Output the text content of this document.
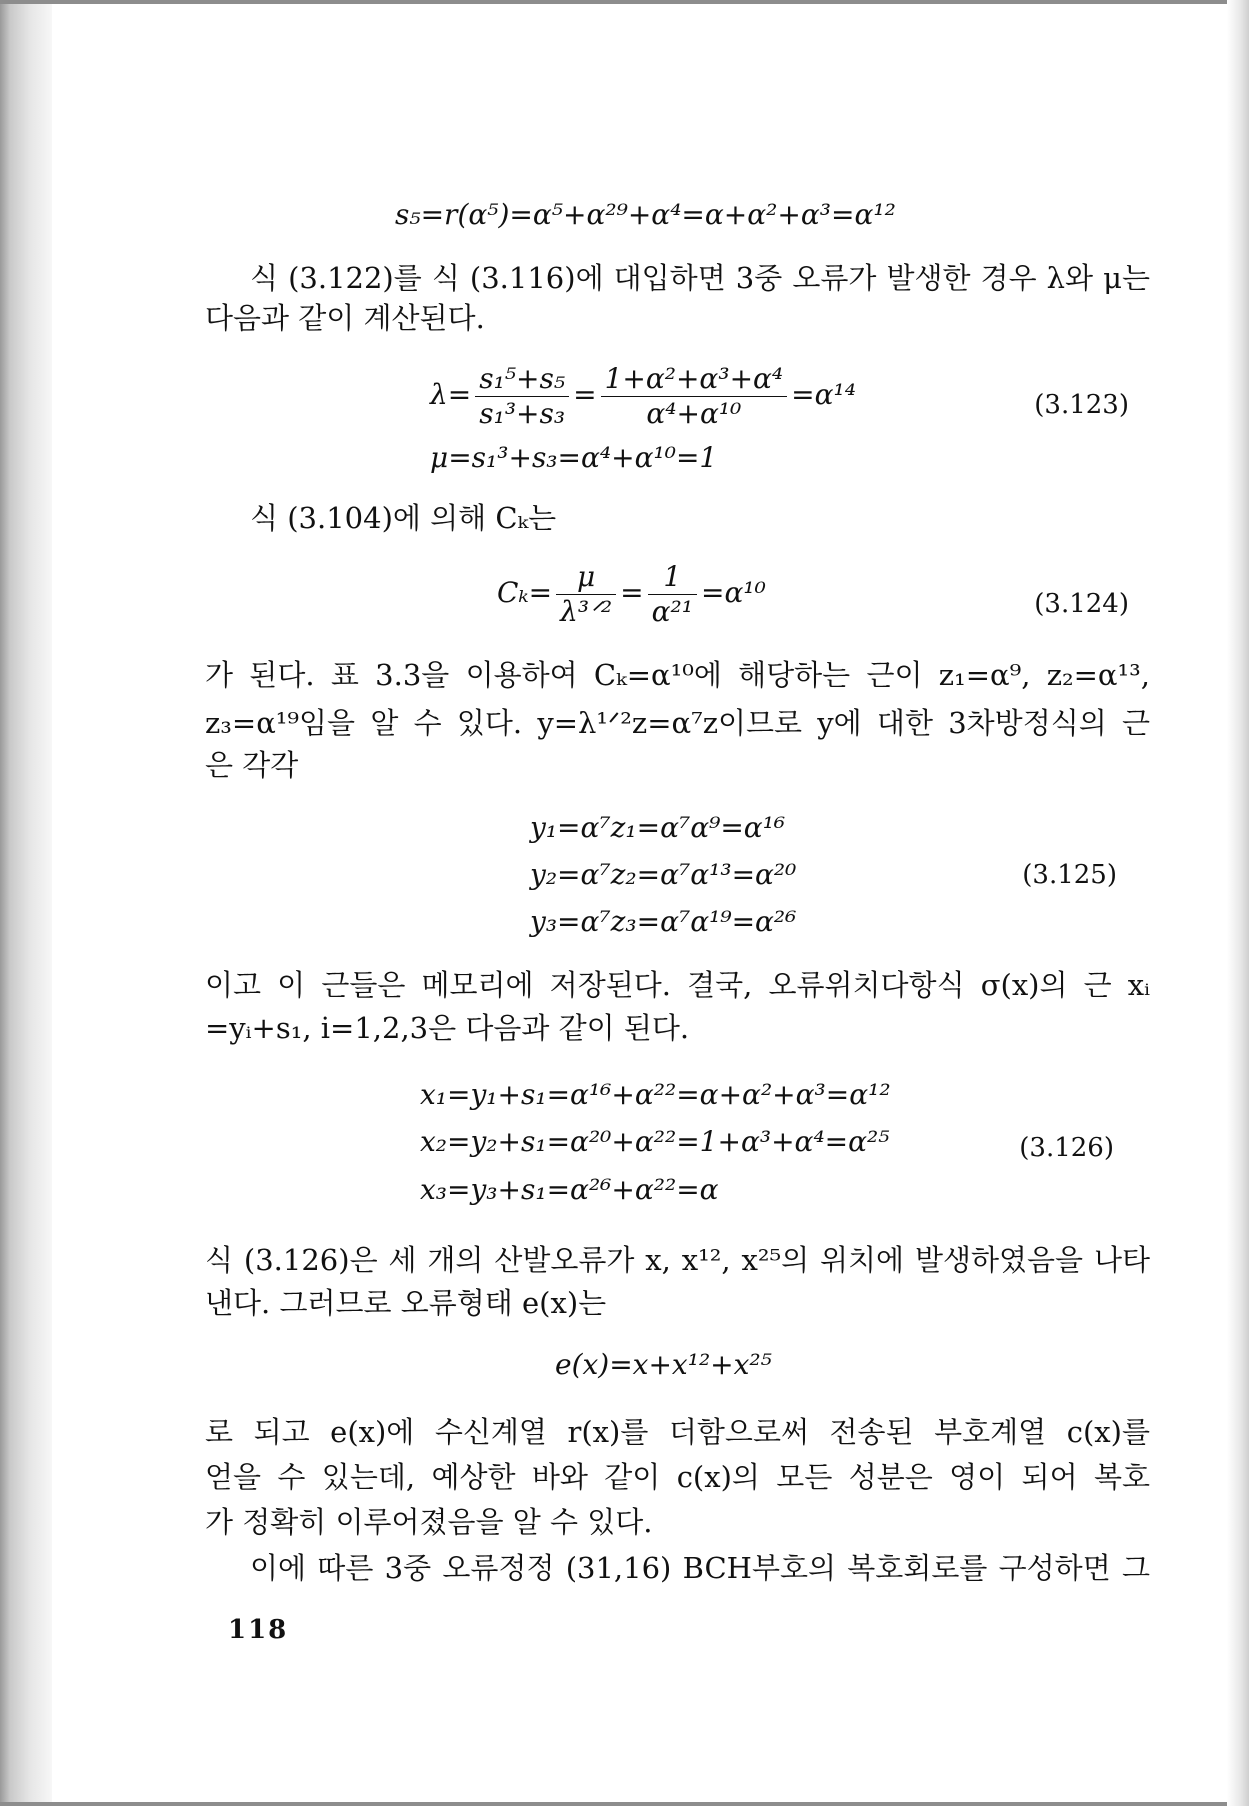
s₅=r(α⁵)=α⁵+α²⁹+α⁴=α+α²+α³=α¹²
식 (3.122)를 식 (3.116)에 대입하면 3중 오류가 발생한 경우 λ와 μ는
다음과 같이 계산된다.
$\lambda= \frac{\text{s₁⁵+s₅}}{\text{s₁³+s₃}} = \frac{\text{1+α²+α³+α⁴}}{\text{α⁴+α¹⁰}} =\alpha^{14}$	(3.123)
μ=s₁³+s₃=α⁴+α¹⁰=1
식 (3.104)에 의해 Cₖ는
$C_k= \frac{\mu}{\text{λ³ᐟ²}} = \frac{1}{\text{α²¹}} =\alpha^{10}$	(3.124)
가 된다. 표 3.3을 이용하여 Cₖ=α¹⁰에 해당하는 근이 z₁=α⁹, z₂=α¹³,
z₃=α¹⁹임을 알 수 있다. y=λ¹ᐟ²z=α⁷z이므로 y에 대한 3차방정식의 근
은 각각
y₁=α⁷z₁=α⁷α⁹=α¹⁶
y₂=α⁷z₂=α⁷α¹³=α²⁰
y₃=α⁷z₃=α⁷α¹⁹=α²⁶
(3.125)
이고 이 근들은 메모리에 저장된다. 결국, 오류위치다항식 σ(x)의 근 xᵢ
=yᵢ+s₁, i=1,2,3은 다음과 같이 된다.
x₁=y₁+s₁=α¹⁶+α²²=α+α²+α³=α¹²
x₂=y₂+s₁=α²⁰+α²²=1+α³+α⁴=α²⁵
x₃=y₃+s₁=α²⁶+α²²=α
(3.126)
식 (3.126)은 세 개의 산발오류가 x, x¹², x²⁵의 위치에 발생하였음을 나타
낸다. 그러므로 오류형태 e(x)는
e(x)=x+x¹²+x²⁵
로 되고 e(x)에 수신계열 r(x)를 더함으로써 전송된 부호계열 c(x)를
얻을 수 있는데, 예상한 바와 같이 c(x)의 모든 성분은 영이 되어 복호
가 정확히 이루어졌음을 알 수 있다.
이에 따른 3중 오류정정 (31,16) BCH부호의 복호회로를 구성하면 그
118
